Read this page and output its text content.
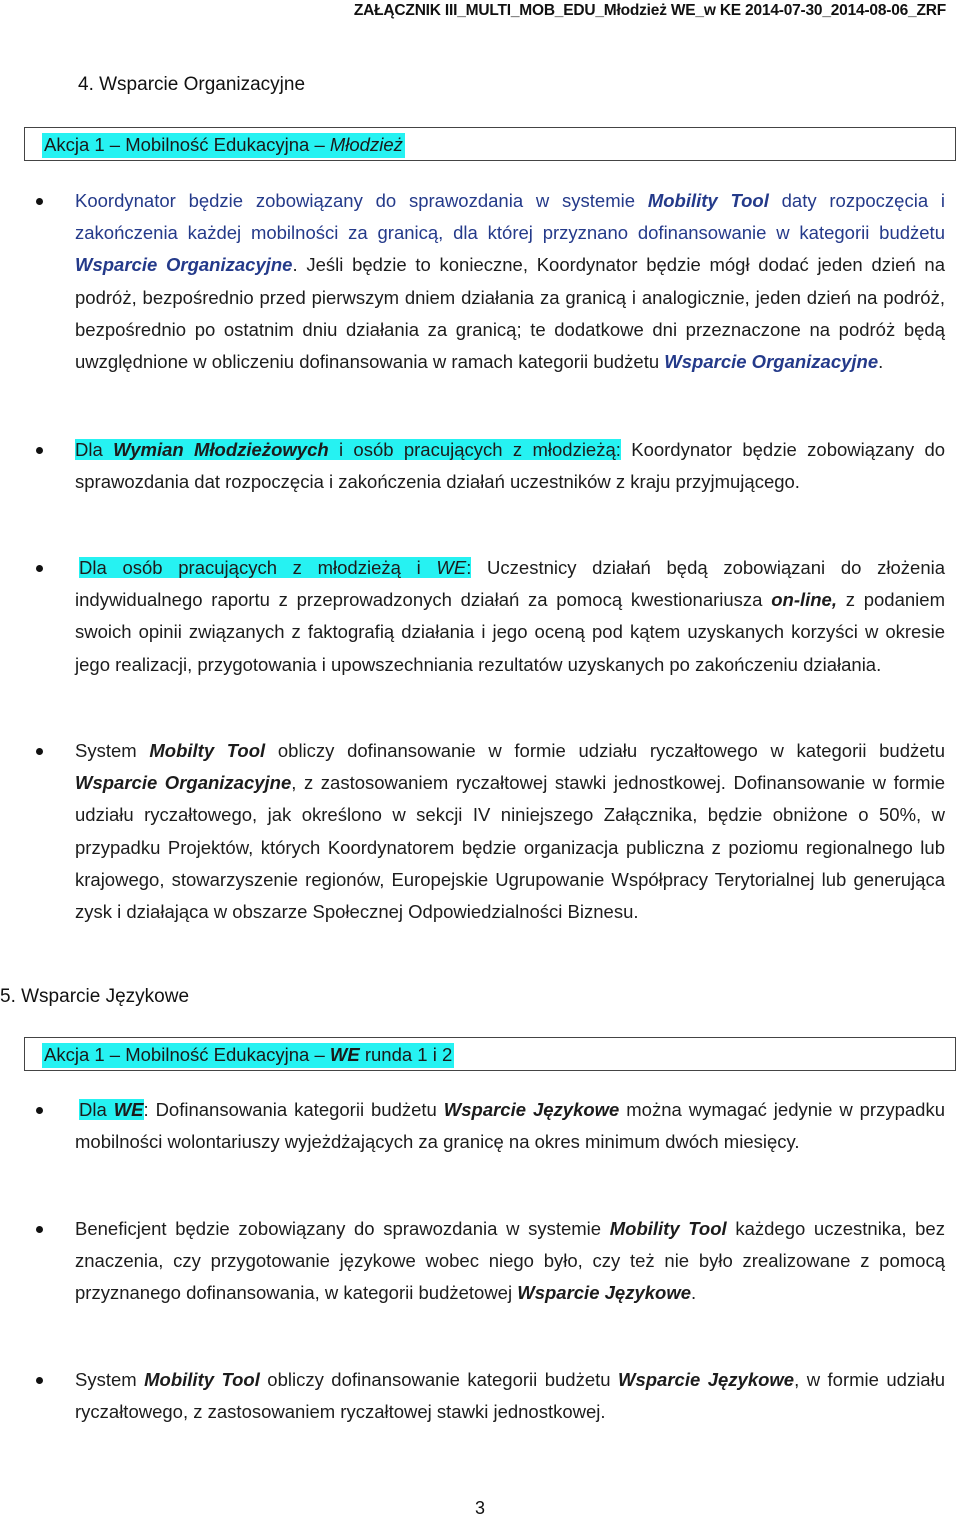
ZAŁĄCZNIK III_MULTI_MOB_EDU_Młodzież WE_w KE 2014-07-30_2014-08-06_ZRF
4. Wsparcie Organizacyjne
Akcja 1 – Mobilność Edukacyjna – Młodzież
Koordynator będzie zobowiązany do sprawozdania w systemie Mobility Tool daty rozpoczęcia i zakończenia każdej mobilności za granicą, dla której przyznano dofinansowanie w kategorii budżetu Wsparcie Organizacyjne. Jeśli będzie to konieczne, Koordynator będzie mógł dodać jeden dzień na podróż, bezpośrednio przed pierwszym dniem działania za granicą i analogicznie, jeden dzień na podróż, bezpośrednio po ostatnim dniu działania za granicą; te dodatkowe dni przeznaczone na podróż będą uwzględnione w obliczeniu dofinansowania w ramach kategorii budżetu Wsparcie Organizacyjne.
Dla Wymian Młodzieżowych i osób pracujących z młodzieżą: Koordynator będzie zobowiązany do sprawozdania dat rozpoczęcia i zakończenia działań uczestników z kraju przyjmującego.
Dla osób pracujących z młodzieżą i WE: Uczestnicy działań będą zobowiązani do złożenia indywidualnego raportu z przeprowadzonych działań za pomocą kwestionariusza on-line, z podaniem swoich opinii związanych z faktografią działania i jego oceną pod kątem uzyskanych korzyści w okresie jego realizacji, przygotowania i upowszechniania rezultatów uzyskanych po zakończeniu działania.
System Mobilty Tool obliczy dofinansowanie w formie udziału ryczałtowego w kategorii budżetu Wsparcie Organizacyjne, z zastosowaniem ryczałtowej stawki jednostkowej. Dofinansowanie w formie udziału ryczałtowego, jak określono w sekcji IV niniejszego Załącznika, będzie obniżone o 50%, w przypadku Projektów, których Koordynatorem będzie organizacja publiczna z poziomu regionalnego lub krajowego, stowarzyszenie regionów, Europejskie Ugrupowanie Współpracy Terytorialnej lub generująca zysk i działająca w obszarze Społecznej Odpowiedzialności Biznesu.
5. Wsparcie Językowe
Akcja 1 – Mobilność Edukacyjna – WE runda 1 i 2
Dla WE: Dofinansowania kategorii budżetu Wsparcie Językowe można wymagać jedynie w przypadku mobilności wolontariuszy wyjeżdżających za granicę na okres minimum dwóch miesięcy.
Beneficjent będzie zobowiązany do sprawozdania w systemie Mobility Tool każdego uczestnika, bez znaczenia, czy przygotowanie językowe wobec niego było, czy też nie było zrealizowane z pomocą przyznanego dofinansowania, w kategorii budżetowej Wsparcie Językowe.
System Mobility Tool obliczy dofinansowanie kategorii budżetu Wsparcie Językowe, w formie udziału ryczałtowego, z zastosowaniem ryczałtowej stawki jednostkowej.
3
